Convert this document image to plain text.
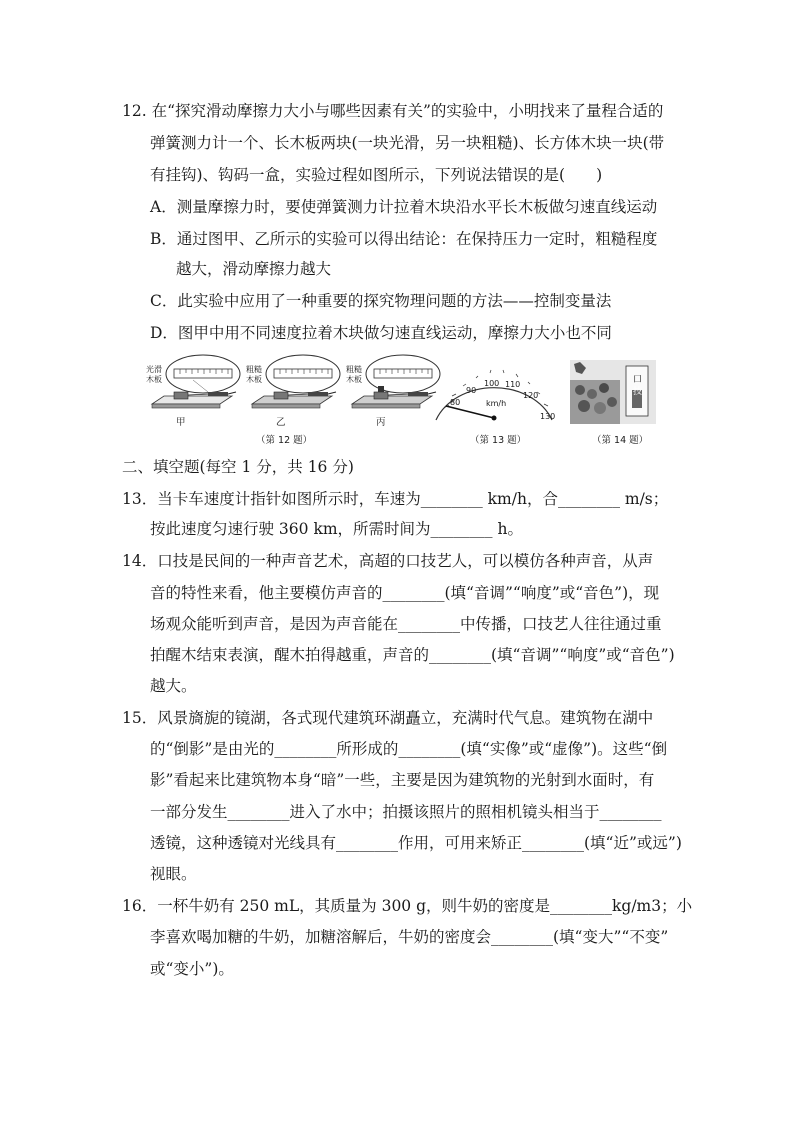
12. 在“探究滑动摩擦力大小与哪些因素有关”的实验中，小明找来了量程合适的
弹簧测力计一个、长木板两块(一块光滑，另一块粗糙)、长方体木块一块(带
有挂钩)、钩码一盒，实验过程如图所示，下列说法错误的是(　　)
A．测量摩擦力时，要使弹簧测力计拉着木块沿水平长木板做匀速直线运动
B．通过图甲、乙所示的实验可以得出结论：在保持压力一定时，粗糙程度
越大，滑动摩擦力越大
C．此实验中应用了一种重要的探究物理问题的方法——控制变量法
D．图甲中用不同速度拉着木块做匀速直线运动，摩擦力大小也不同
光滑
木板
甲
粗糙
木板
乙
粗糙
木板
丙
（第 12 题）
80
90
100 110
120
130
km/h
（第 13 题）
口
技
（第 14 题）
二、填空题(每空 1 分，共 16 分)
13．当卡车速度计指针如图所示时，车速为________ km/h，合________ m/s；
按此速度匀速行驶 360 km，所需时间为________ h。
14．口技是民间的一种声音艺术，高超的口技艺人，可以模仿各种声音，从声
音的特性来看，他主要模仿声音的________(填“音调”“响度”或“音色”)，现
场观众能听到声音，是因为声音能在________中传播，口技艺人往往通过重
拍醒木结束表演，醒木拍得越重，声音的________(填“音调”“响度”或“音色”)
越大。
15．风景旖旎的镜湖，各式现代建筑环湖矗立，充满时代气息。建筑物在湖中
的“倒影”是由光的________所形成的________(填“实像”或“虚像”)。这些“倒
影”看起来比建筑物本身“暗”一些，主要是因为建筑物的光射到水面时，有
一部分发生________进入了水中；拍摄该照片的照相机镜头相当于________
透镜，这种透镜对光线具有________作用，可用来矫正________(填“近”或远”)
视眼。
16．一杯牛奶有 250 mL，其质量为 300 g，则牛奶的密度是________kg/m3；小
李喜欢喝加糖的牛奶，加糖溶解后，牛奶的密度会________(填“变大”“不变”
或“变小”)。
